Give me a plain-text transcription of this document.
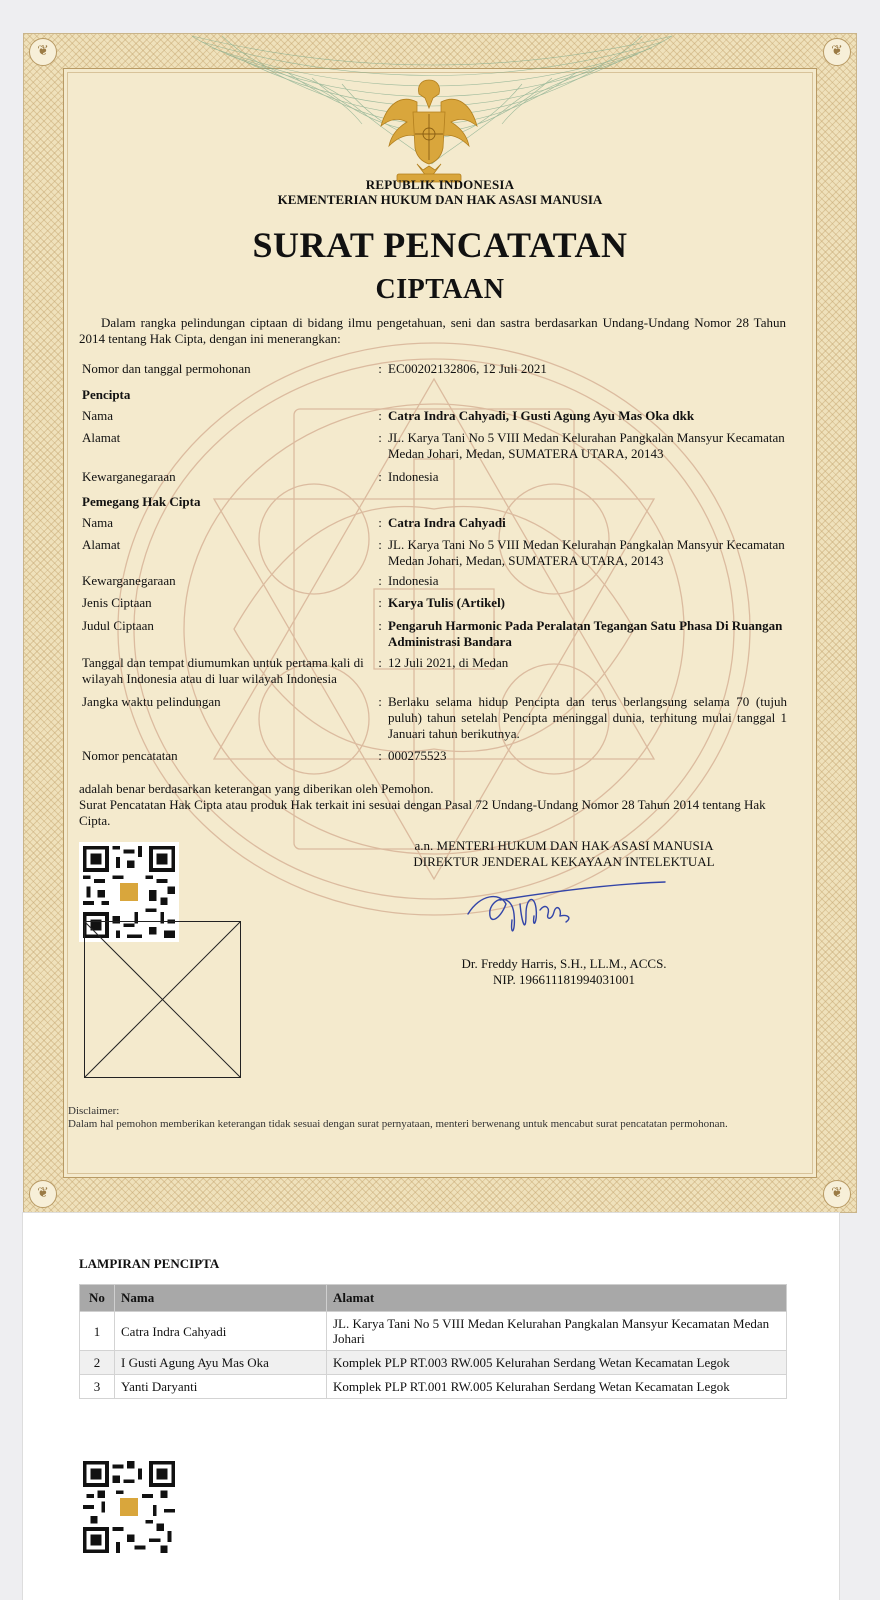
❦	❦
❦	❦
REPUBLIK INDONESIA
KEMENTERIAN HUKUM DAN HAK ASASI MANUSIA
SURAT PENCATATAN
CIPTAAN
Dalam rangka pelindungan ciptaan di bidang ilmu pengetahuan, seni dan sastra berdasarkan Undang-Undang Nomor 28 Tahun 2014 tentang Hak Cipta, dengan ini menerangkan:
Nomor dan tanggal permohonan	: EC00202132806, 12 Juli 2021
Pencipta
Nama	: Catra Indra Cahyadi, I Gusti Agung Ayu Mas Oka dkk
Alamat	: JL. Karya Tani No 5 VIII Medan Kelurahan Pangkalan Mansyur Kecamatan Medan Johari, Medan, SUMATERA UTARA, 20143
Kewarganegaraan	: Indonesia
Pemegang Hak Cipta
Nama	: Catra Indra Cahyadi
Alamat	: JL. Karya Tani No 5 VIII Medan Kelurahan Pangkalan Mansyur Kecamatan Medan Johari, Medan, SUMATERA UTARA, 20143
Kewarganegaraan	: Indonesia
Jenis Ciptaan	: Karya Tulis (Artikel)
Judul Ciptaan	: Pengaruh Harmonic Pada Peralatan Tegangan Satu Phasa Di Ruangan Administrasi Bandara
Tanggal dan tempat diumumkan untuk pertama kali di wilayah Indonesia atau di luar wilayah Indonesia
: 12 Juli 2021, di Medan
Jangka waktu pelindungan	: Berlaku selama hidup Pencipta dan terus berlangsung selama 70 (tujuh puluh) tahun setelah Pencipta meninggal dunia, terhitung mulai tanggal 1 Januari tahun berikutnya.
Nomor pencatatan	: 000275523
adalah benar berdasarkan keterangan yang diberikan oleh Pemohon.
Surat Pencatatan Hak Cipta atau produk Hak terkait ini sesuai dengan Pasal 72 Undang-Undang Nomor 28 Tahun 2014 tentang Hak Cipta.
a.n. MENTERI HUKUM DAN HAK ASASI MANUSIA
DIREKTUR JENDERAL KEKAYAAN INTELEKTUAL
Dr. Freddy Harris, S.H., LL.M., ACCS.
NIP. 196611181994031001
Disclaimer:
Dalam hal pemohon memberikan keterangan tidak sesuai dengan surat pernyataan, menteri berwenang untuk mencabut surat pencatatan permohonan.
LAMPIRAN PENCIPTA
No	Nama	Alamat
1	Catra Indra Cahyadi	JL. Karya Tani No 5 VIII Medan Kelurahan Pangkalan Mansyur Kecamatan Medan Johari
2	I Gusti Agung Ayu Mas Oka	Komplek PLP RT.003 RW.005 Kelurahan Serdang Wetan Kecamatan Legok
3	Yanti Daryanti	Komplek PLP RT.001 RW.005 Kelurahan Serdang Wetan Kecamatan Legok
